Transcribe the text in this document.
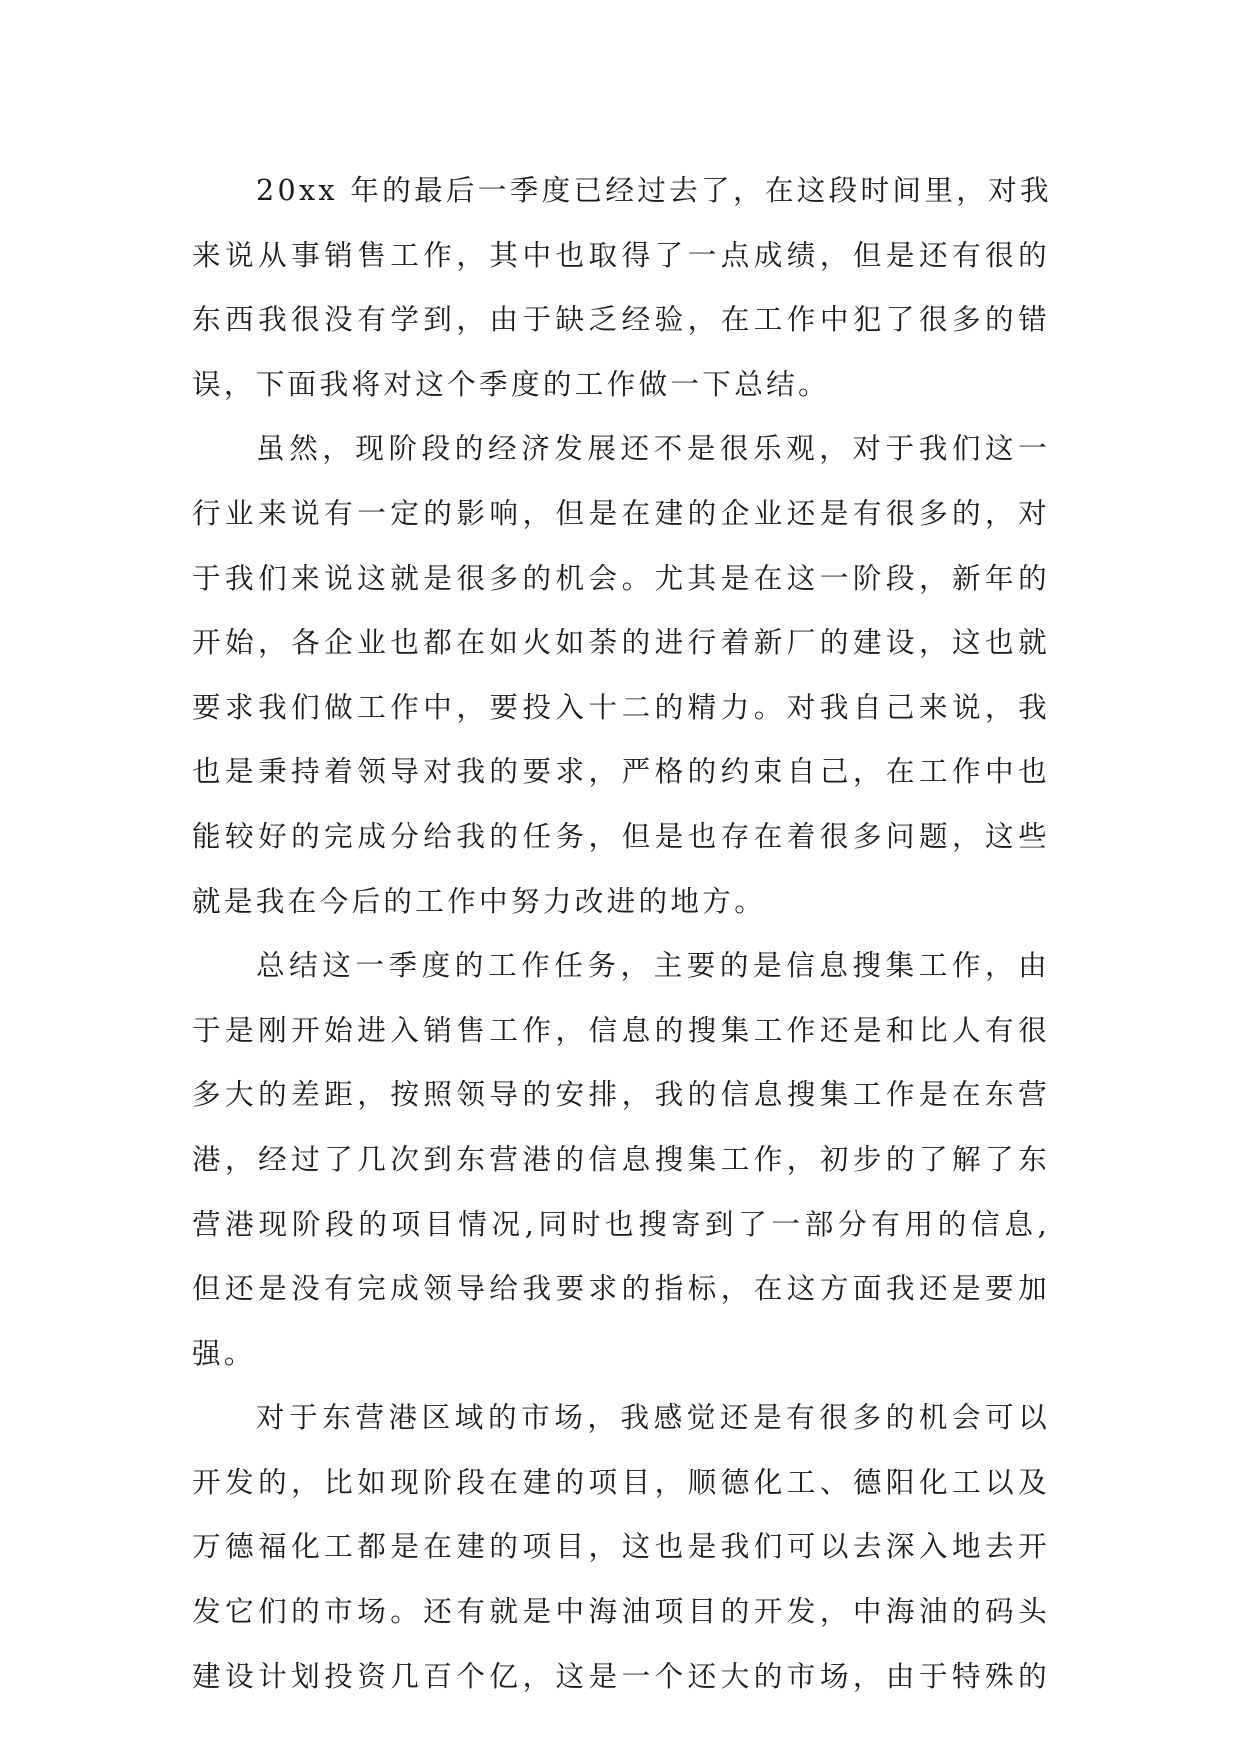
20xx 年的最后一季度已经过去了，在这段时间里，对我
来说从事销售工作，其中也取得了一点成绩，但是还有很的
东西我很没有学到，由于缺乏经验，在工作中犯了很多的错
误，下面我将对这个季度的工作做一下总结。
虽然，现阶段的经济发展还不是很乐观，对于我们这一
行业来说有一定的影响，但是在建的企业还是有很多的，对
于我们来说这就是很多的机会。尤其是在这一阶段，新年的
开始，各企业也都在如火如荼的进行着新厂的建设，这也就
要求我们做工作中，要投入十二的精力。对我自己来说，我
也是秉持着领导对我的要求，严格的约束自己，在工作中也
能较好的完成分给我的任务，但是也存在着很多问题，这些
就是我在今后的工作中努力改进的地方。
总结这一季度的工作任务，主要的是信息搜集工作，由
于是刚开始进入销售工作，信息的搜集工作还是和比人有很
多大的差距，按照领导的安排，我的信息搜集工作是在东营
港，经过了几次到东营港的信息搜集工作，初步的了解了东
营港现阶段的项目情况,同时也搜寄到了一部分有用的信息,
但还是没有完成领导给我要求的指标，在这方面我还是要加
强。
对于东营港区域的市场，我感觉还是有很多的机会可以
开发的，比如现阶段在建的项目，顺德化工、德阳化工以及
万德福化工都是在建的项目，这也是我们可以去深入地去开
发它们的市场。还有就是中海油项目的开发，中海油的码头
建设计划投资几百个亿，这是一个还大的市场，由于特殊的
